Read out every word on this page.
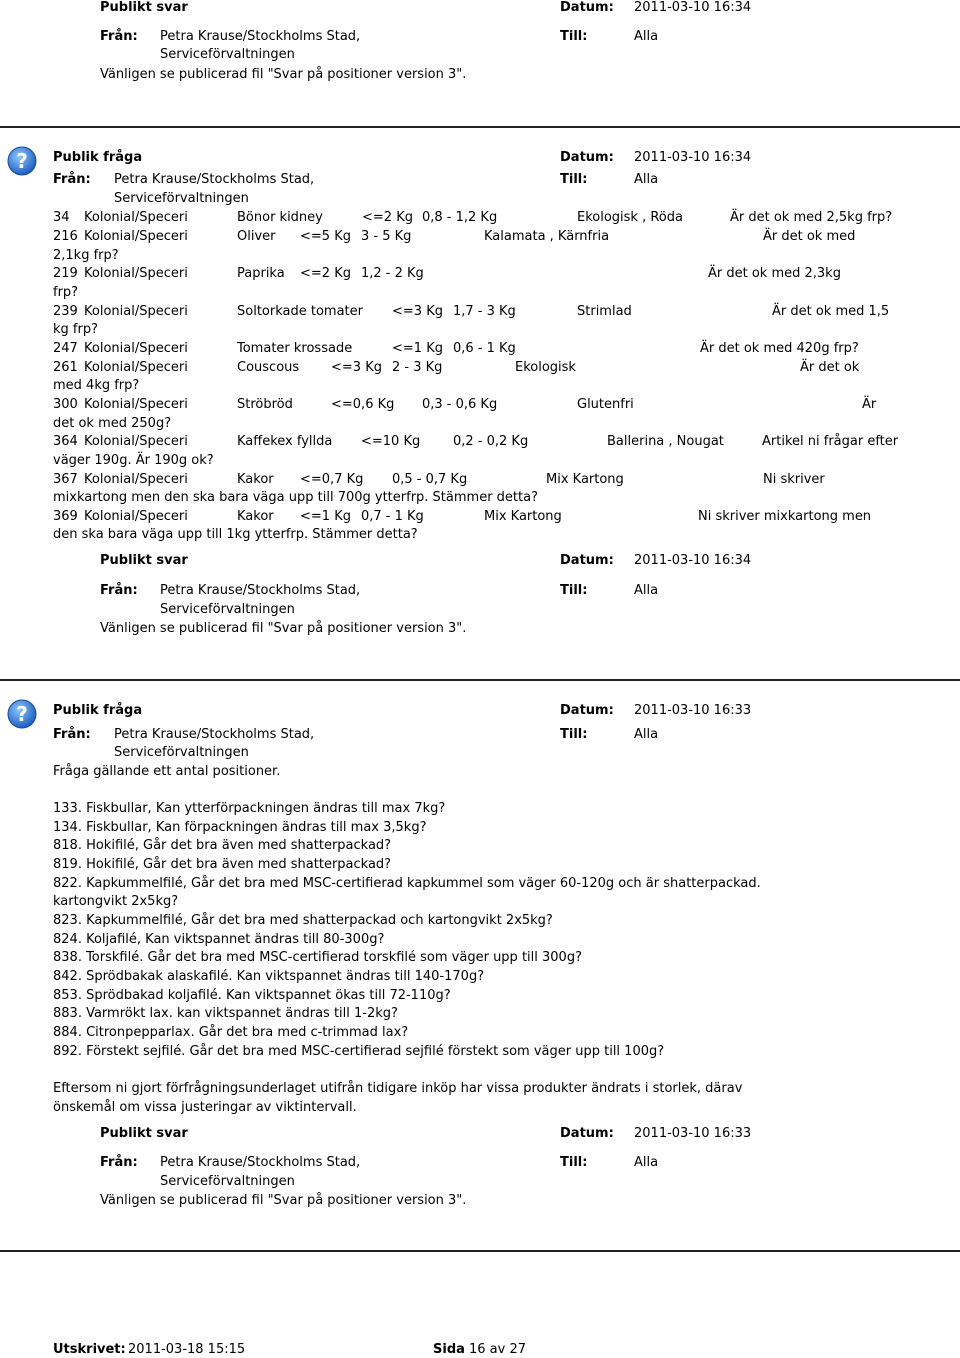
Publikt svar	Datum: 2011-03-10 16:34
Från: Petra Krause/Stockholms Stad,
Serviceförvaltningen
Till:	Alla
Vänligen se publicerad fil "Svar på positioner version 3".
? Publik fråga	Datum: 2011-03-10 16:34
Från: Petra Krause/Stockholms Stad,
Serviceförvaltningen
Till:	Alla
34 Kolonial/Speceri	Bönor kidney	<=2 Kg 0,8 - 1,2 Kg	Ekologisk , Röda	Är det ok med 2,5kg frp?
216 Kolonial/Speceri	Oliver <=5 Kg 3 - 5 Kg	Kalamata , Kärnfria	Är det ok med
2,1kg frp?
219 Kolonial/Speceri	Paprika <=2 Kg 1,2 - 2 Kg	Är det ok med 2,3kg
frp?
239 Kolonial/Speceri	Soltorkade tomater <=3 Kg 1,7 - 3 Kg	Strimlad	Är det ok med 1,5
kg frp?
247 Kolonial/Speceri	Tomater krossade	<=1 Kg 0,6 - 1 Kg	Är det ok med 420g frp?
261 Kolonial/Speceri	Couscous <=3 Kg 2 - 3 Kg	Ekologisk	Är det ok
med 4kg frp?
300 Kolonial/Speceri	Ströbröd	<=0,6 Kg 0,3 - 0,6 Kg	Glutenfri	Är
det ok med 250g?
364 Kolonial/Speceri	Kaffekex fyllda <=10 Kg	0,2 - 0,2 Kg	Ballerina , Nougat	Artikel ni frågar efter
väger 190g. Är 190g ok?
367 Kolonial/Speceri	Kakor <=0,7 Kg 0,5 - 0,7 Kg	Mix Kartong	Ni skriver
mixkartong men den ska bara väga upp till 700g ytterfrp. Stämmer detta?
369 Kolonial/Speceri	Kakor <=1 Kg 0,7 - 1 Kg	Mix Kartong	Ni skriver mixkartong men
den ska bara väga upp till 1kg ytterfrp. Stämmer detta?
Publikt svar	Datum: 2011-03-10 16:34
Från: Petra Krause/Stockholms Stad,
Serviceförvaltningen
Till:	Alla
Vänligen se publicerad fil "Svar på positioner version 3".
? Publik fråga	Datum: 2011-03-10 16:33
Från: Petra Krause/Stockholms Stad,
Serviceförvaltningen
Till:	Alla
Fråga gällande ett antal positioner.
133. Fiskbullar, Kan ytterförpackningen ändras till max 7kg?
134. Fiskbullar, Kan förpackningen ändras till max 3,5kg?
818. Hokifilé, Går det bra även med shatterpackad?
819. Hokifilé, Går det bra även med shatterpackad?
822. Kapkummelfilé, Går det bra med MSC-certifierad kapkummel som väger 60-120g och är shatterpackad.
kartongvikt 2x5kg?
823. Kapkummelfilé, Går det bra med shatterpackad och kartongvikt 2x5kg?
824. Koljafilé, Kan viktspannet ändras till 80-300g?
838. Torskfilé. Går det bra med MSC-certifierad torskfilé som väger upp till 300g?
842. Sprödbakak alaskafilé. Kan viktspannet ändras till 140-170g?
853. Sprödbakad koljafilé. Kan viktspannet ökas till 72-110g?
883. Varmrökt lax. kan viktspannet ändras till 1-2kg?
884. Citronpepparlax. Går det bra med c-trimmad lax?
892. Förstekt sejfilé. Går det bra med MSC-certifierad sejfilé förstekt som väger upp till 100g?
Eftersom ni gjort förfrågningsunderlaget utifrån tidigare inköp har vissa produkter ändrats i storlek, därav
önskemål om vissa justeringar av viktintervall.
Publikt svar	Datum: 2011-03-10 16:33
Från: Petra Krause/Stockholms Stad,
Serviceförvaltningen
Till:	Alla
Vänligen se publicerad fil "Svar på positioner version 3".
Utskrivet: 2011-03-18 15:15	Sida 16 av 27
